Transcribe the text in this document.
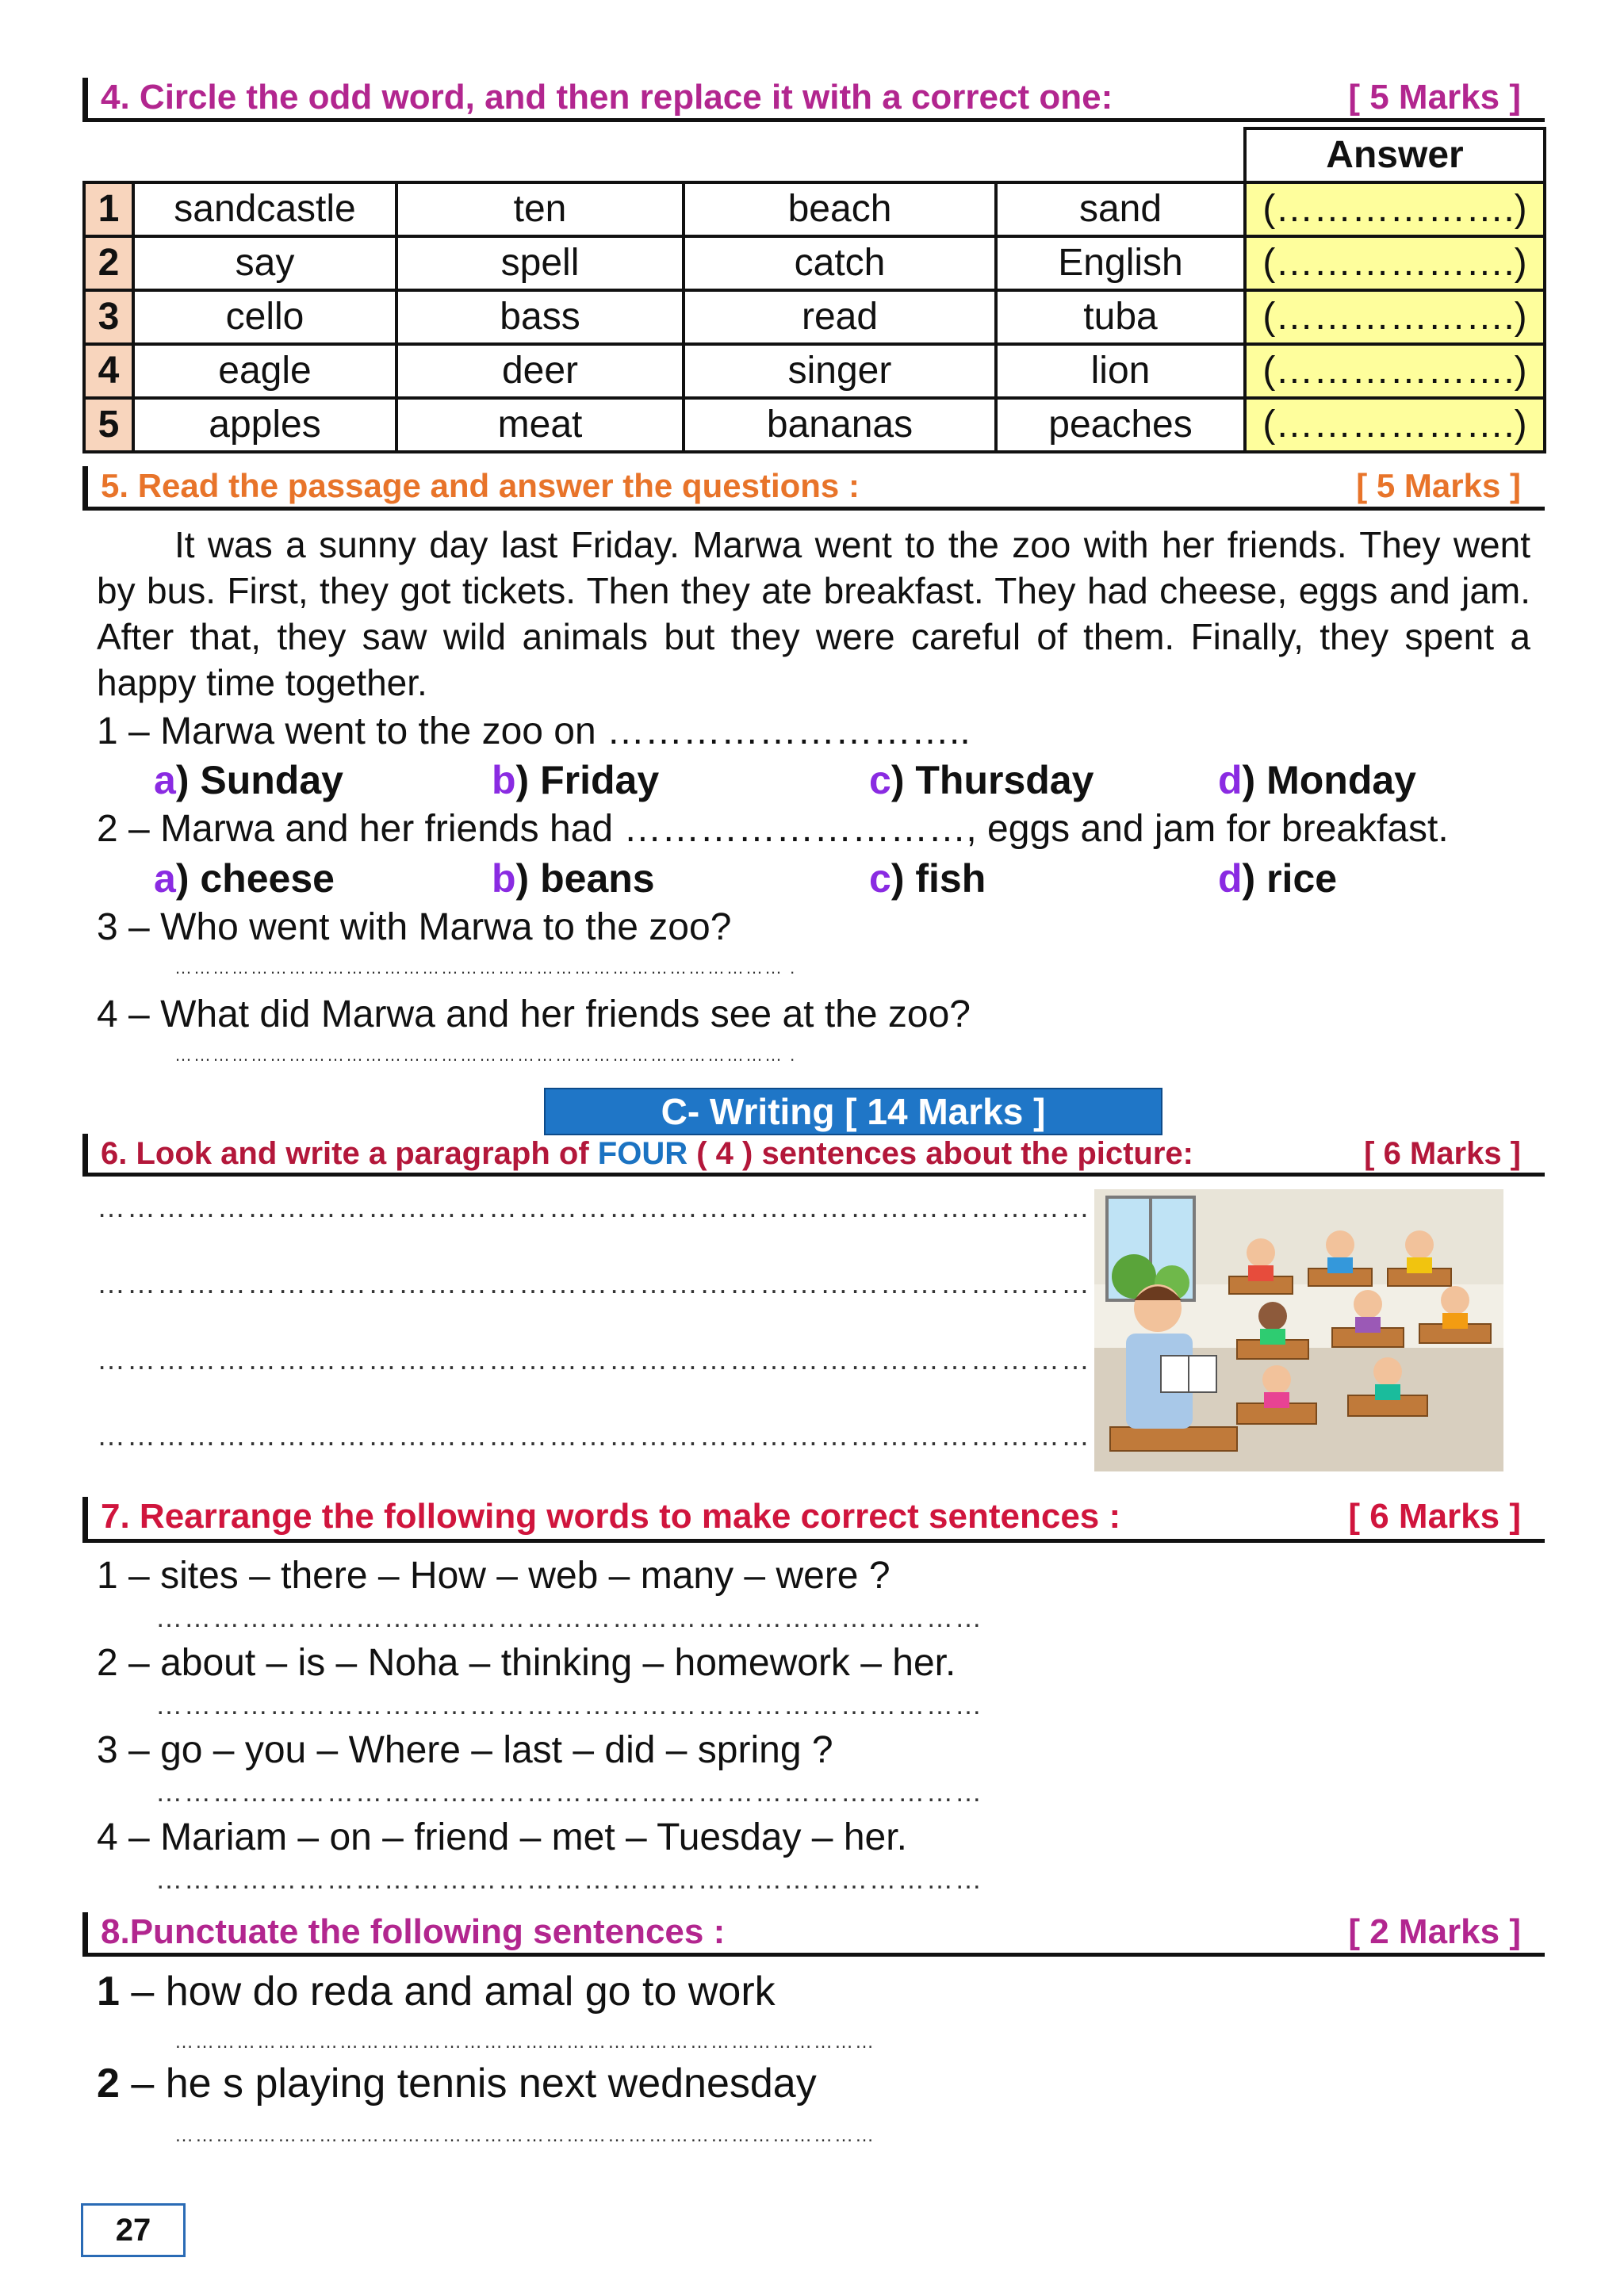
4. Circle the odd word, and then replace it with a correct one:	[ 5 Marks ]
					Answer
1	sandcastle	ten	beach	sand	(……………….)
2	say	spell	catch	English	(……………….)
3	cello	bass	read	tuba	(……………….)
4	eagle	deer	singer	lion	(……………….)
5	apples	meat	bananas	peaches	(……………….)
5. Read the passage and answer the questions :	[ 5 Marks ]
It was a sunny day last Friday. Marwa went to the zoo with her friends. They went by bus. First, they got tickets. Then they ate breakfast. They had cheese, eggs and jam. After that, they saw wild animals but they were careful of them. Finally, they spent a happy time together.
1 – Marwa went to the zoo on ………………………..
a) Sunday	b) Friday	c) Thursday	d) Monday
2 – Marwa and her friends had ………………………, eggs and jam for breakfast.
a) cheese	b) beans	c) fish	d) rice
3 – Who went with Marwa to the zoo?
…………………………………………………………………………………… .
4 – What did Marwa and her friends see at the zoo?
…………………………………………………………………………………… .
C- Writing [ 14 Marks ]
6. Look and write a paragraph of FOUR ( 4 ) sentences about the picture:	[ 6 Marks ]
………………………………………………………………………………………
………………………………………………………………………………………
………………………………………………………………………………………
………………………………………………………………………………………
7. Rearrange the following words to make correct sentences :	[ 6 Marks ]
1 – sites – there – How – web – many – were ?
……………………………………………………………………………
2 – about – is – Noha – thinking – homework – her.
……………………………………………………………………………
3 – go – you – Where – last – did – spring ?
……………………………………………………………………………
4 – Mariam – on – friend – met – Tuesday – her.
……………………………………………………………………………
8.Punctuate the following sentences :	[ 2 Marks ]
1 – how do reda and amal go to work
…………………………………………………………………………………………
2 – he s playing tennis next wednesday
…………………………………………………………………………………………
27
